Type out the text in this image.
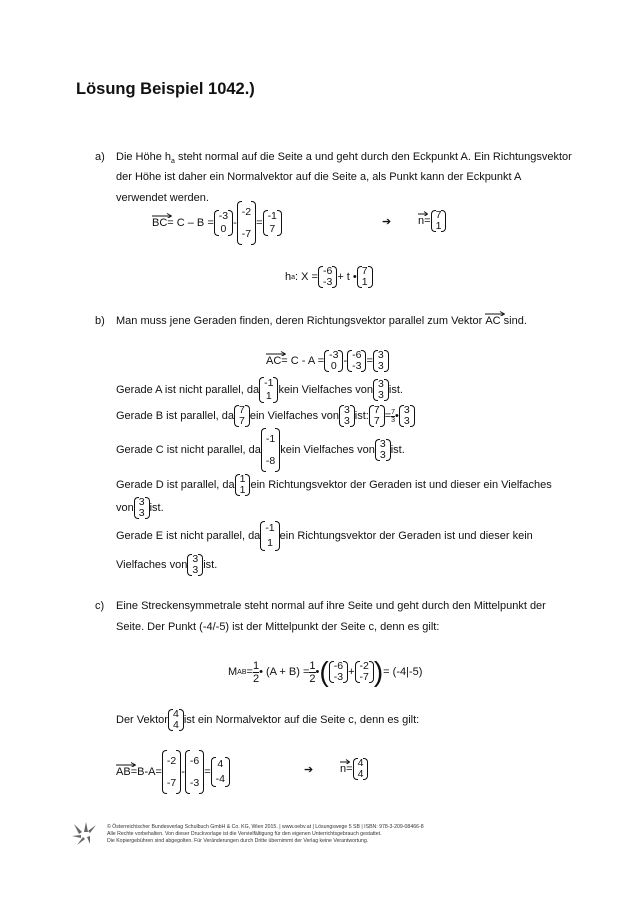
Lösung Beispiel 1042.)
a) Die Höhe $h_a$ steht normal auf die Seite a und geht durch den Eckpunkt A. Ein Richtungsvektor
der Höhe ist daher ein Normalvektor auf die Seite a, als Punkt kann der Eckpunkt A
verwendet werden.
BC = C – B =
-3
0
-
-2
-7
=
-1
7
➔ n = 7
1
h a : X = -6
-3 + t • 7
1
b) Man muss jene Geraden finden, deren Richtungsvektor parallel zum Vektor
AC sind.
AC = C - A = -3
0 - -6
-3 = 3
3
Gerade A ist nicht parallel, da
-1
1
kein Vielfaches von 3
3 ist.
Gerade B ist parallel, da 7
7 ein Vielfaches von 3
3 ist: 7
$7 = \frac{7}{3}$ • 3
3
Gerade C ist nicht parallel, da
-1
-8
kein Vielfaches von 3
3 ist.
Gerade D ist parallel, da 1
1 ein Richtungsvektor der Geraden ist und dieser ein Vielfaches
von 3
3 ist.
Gerade E ist nicht parallel, da
-1
1
ein Richtungsvektor der Geraden ist und dieser kein
Vielfaches von 3
3 ist.
c) Eine Streckensymmetrale steht normal auf ihre Seite und geht durch den Mittelpunkt der
Seite. Der Punkt (-4/-5) ist der Mittelpunkt der Seite c, denn es gilt:
M AB = $\frac{1}{2}$ • $(A + B) = \frac{1}{2}$ • ( -6
-3 + -2
-7 ) = (-4|-5)
Der Vektor 4
4 ist ein Normalvektor auf die Seite c, denn es gilt:
AB =B-A=
-2
-7
-
-6
-3
=
4
-4
➔ n = 4
4
© Österreichischer Bundesverlag Schulbuch GmbH & Co. KG, Wien 2015. | www.oebv.at | Lösungswege 5 SB | ISBN: 978-3-209-08466-8
Alle Rechte vorbehalten. Von dieser Druckvorlage ist die Vervielfältigung für den eigenen Unterrichtsgebrauch gestattet.
Die Kopiergebühren sind abgegolten. Für Veränderungen durch Dritte übernimmt der Verlag keine Verantwortung.
